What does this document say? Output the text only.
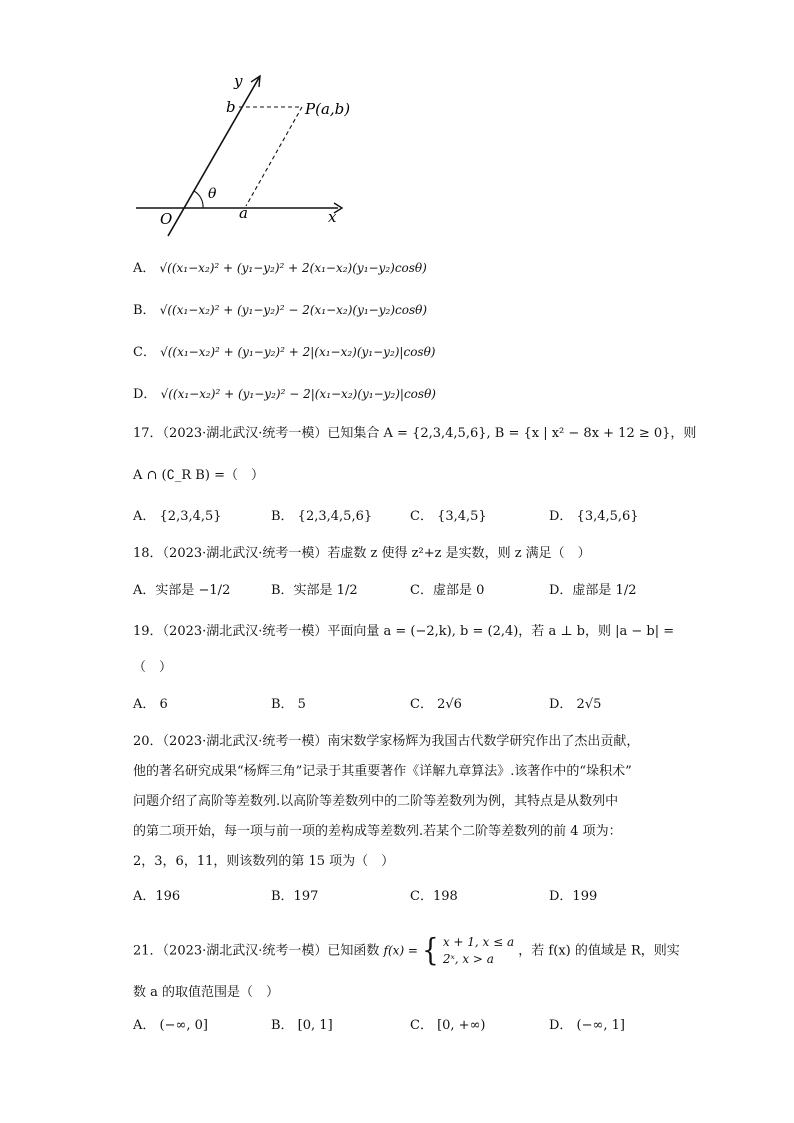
y
b	P(a,b)
θ
O	a	x
A． √((x₁−x₂)² + (y₁−y₂)² + 2(x₁−x₂)(y₁−y₂)cosθ)
B． √((x₁−x₂)² + (y₁−y₂)² − 2(x₁−x₂)(y₁−y₂)cosθ)
C． √((x₁−x₂)² + (y₁−y₂)² + 2|(x₁−x₂)(y₁−y₂)|cosθ)
D． √((x₁−x₂)² + (y₁−y₂)² − 2|(x₁−x₂)(y₁−y₂)|cosθ)
17．（2023·湖北武汉·统考一模）已知集合 A = {2,3,4,5,6}, B = {x | x² − 8x + 12 ≥ 0}，则
A ∩ (∁_R B) =（　）
A． {2,3,4,5}	B． {2,3,4,5,6}	C． {3,4,5}	D． {3,4,5,6}
18．（2023·湖北武汉·统考一模）若虚数 z 使得 z²+z 是实数，则 z 满足（　）
A．实部是 −1/2	B．实部是 1/2	C．虚部是 0	D．虚部是 1/2
19．（2023·湖北武汉·统考一模）平面向量 a = (−2,k), b = (2,4)，若 a ⊥ b，则 |a − b| =
（　）
A． 6	B． 5	C． 2√6	D． 2√5
20．（2023·湖北武汉·统考一模）南宋数学家杨辉为我国古代数学研究作出了杰出贡献，
他的著名研究成果“杨辉三角”记录于其重要著作《详解九章算法》.该著作中的“垛积术”
问题介绍了高阶等差数列.以高阶等差数列中的二阶等差数列为例，其特点是从数列中
的第二项开始，每一项与前一项的差构成等差数列.若某个二阶等差数列的前 4 项为：
2，3，6，11，则该数列的第 15 项为（　）
A．196	B．197	C．198	D．199
21．（2023·湖北武汉·统考一模）已知函数 f(x) = { x + 1, x ≤ a
2ˣ, x > a
，若 f(x) 的值域是 R，则实
数 a 的取值范围是（　）
A． (−∞, 0]	B． [0, 1]	C． [0, +∞)	D． (−∞, 1]
